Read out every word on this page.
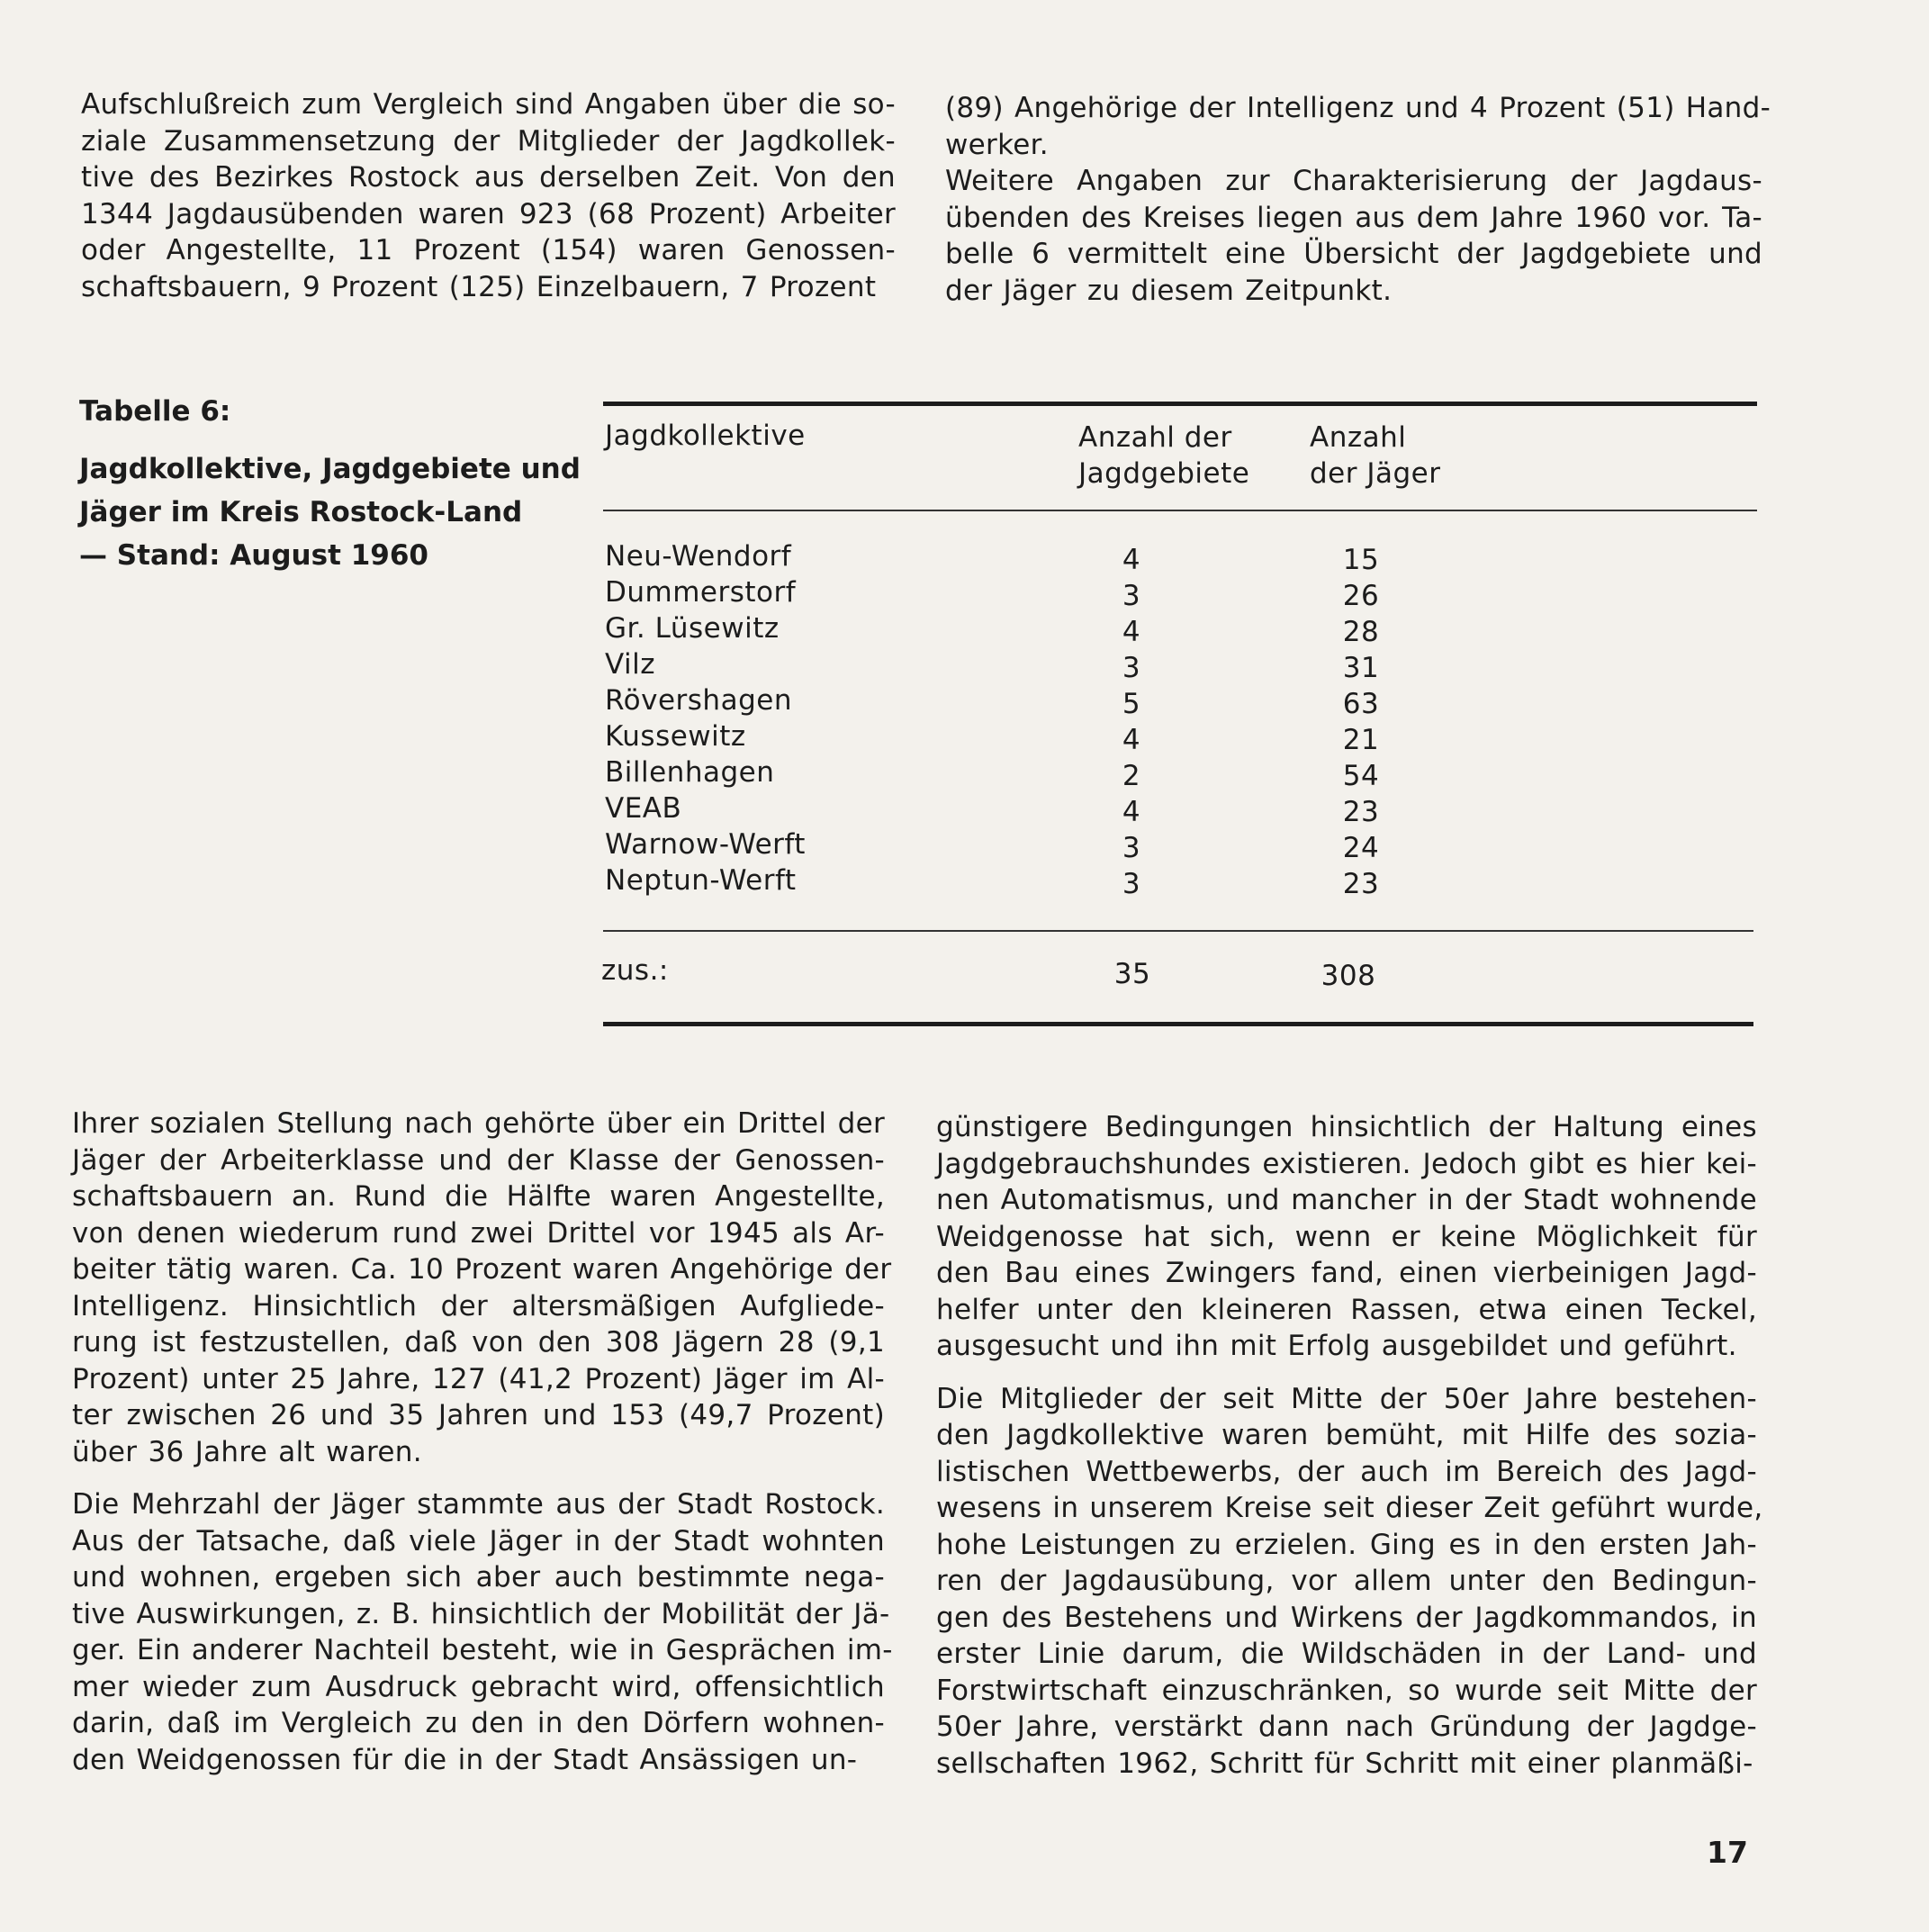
Aufschlußreich zum Vergleich sind Angaben über die so-
ziale Zusammensetzung der Mitglieder der Jagdkollek-
tive des Bezirkes Rostock aus derselben Zeit. Von den
1344 Jagdausübenden waren 923 (68 Prozent) Arbeiter
oder Angestellte, 11 Prozent (154) waren Genossen-
schaftsbauern, 9 Prozent (125) Einzelbauern, 7 Prozent
(89) Angehörige der Intelligenz und 4 Prozent (51) Hand-
werker.
Weitere Angaben zur Charakterisierung der Jagdaus-
übenden des Kreises liegen aus dem Jahre 1960 vor. Ta-
belle 6 vermittelt eine Übersicht der Jagdgebiete und
der Jäger zu diesem Zeitpunkt.
Tabelle 6:
Jagdkollektive, Jagdgebiete und
Jäger im Kreis Rostock-Land
— Stand: August 1960
Jagdkollektive	Anzahl der
Jagdgebiete
Anzahl
der Jäger
Neu-Wendorf	4	15
Dummerstorf	3	26
Gr. Lüsewitz	4	28
Vilz	3	31
Rövershagen	5	63
Kussewitz	4	21
Billenhagen	2	54
VEAB	4	23
Warnow-Werft	3	24
Neptun-Werft	3	23
zus.:	35	308

Ihrer sozialen Stellung nach gehörte über ein Drittel der
Jäger der Arbeiterklasse und der Klasse der Genossen-
schaftsbauern an. Rund die Hälfte waren Angestellte,
von denen wiederum rund zwei Drittel vor 1945 als Ar-
beiter tätig waren. Ca. 10 Prozent waren Angehörige der
Intelligenz. Hinsichtlich der altersmäßigen Aufgliede-
rung ist festzustellen, daß von den 308 Jägern 28 (9,1
Prozent) unter 25 Jahre, 127 (41,2 Prozent) Jäger im Al-
ter zwischen 26 und 35 Jahren und 153 (49,7 Prozent)
über 36 Jahre alt waren.

Die Mehrzahl der Jäger stammte aus der Stadt Rostock.
Aus der Tatsache, daß viele Jäger in der Stadt wohnten
und wohnen, ergeben sich aber auch bestimmte nega-
tive Auswirkungen, z. B. hinsichtlich der Mobilität der Jä-
ger. Ein anderer Nachteil besteht, wie in Gesprächen im-
mer wieder zum Ausdruck gebracht wird, offensichtlich
darin, daß im Vergleich zu den in den Dörfern wohnen-
den Weidgenossen für die in der Stadt Ansässigen un-

günstigere Bedingungen hinsichtlich der Haltung eines
Jagdgebrauchshundes existieren. Jedoch gibt es hier kei-
nen Automatismus, und mancher in der Stadt wohnende
Weidgenosse hat sich, wenn er keine Möglichkeit für
den Bau eines Zwingers fand, einen vierbeinigen Jagd-
helfer unter den kleineren Rassen, etwa einen Teckel,
ausgesucht und ihn mit Erfolg ausgebildet und geführt.

Die Mitglieder der seit Mitte der 50er Jahre bestehen-
den Jagdkollektive waren bemüht, mit Hilfe des sozia-
listischen Wettbewerbs, der auch im Bereich des Jagd-
wesens in unserem Kreise seit dieser Zeit geführt wurde,
hohe Leistungen zu erzielen. Ging es in den ersten Jah-
ren der Jagdausübung, vor allem unter den Bedingun-
gen des Bestehens und Wirkens der Jagdkommandos, in
erster Linie darum, die Wildschäden in der Land- und
Forstwirtschaft einzuschränken, so wurde seit Mitte der
50er Jahre, verstärkt dann nach Gründung der Jagdge-
sellschaften 1962, Schritt für Schritt mit einer planmäßi-

17
